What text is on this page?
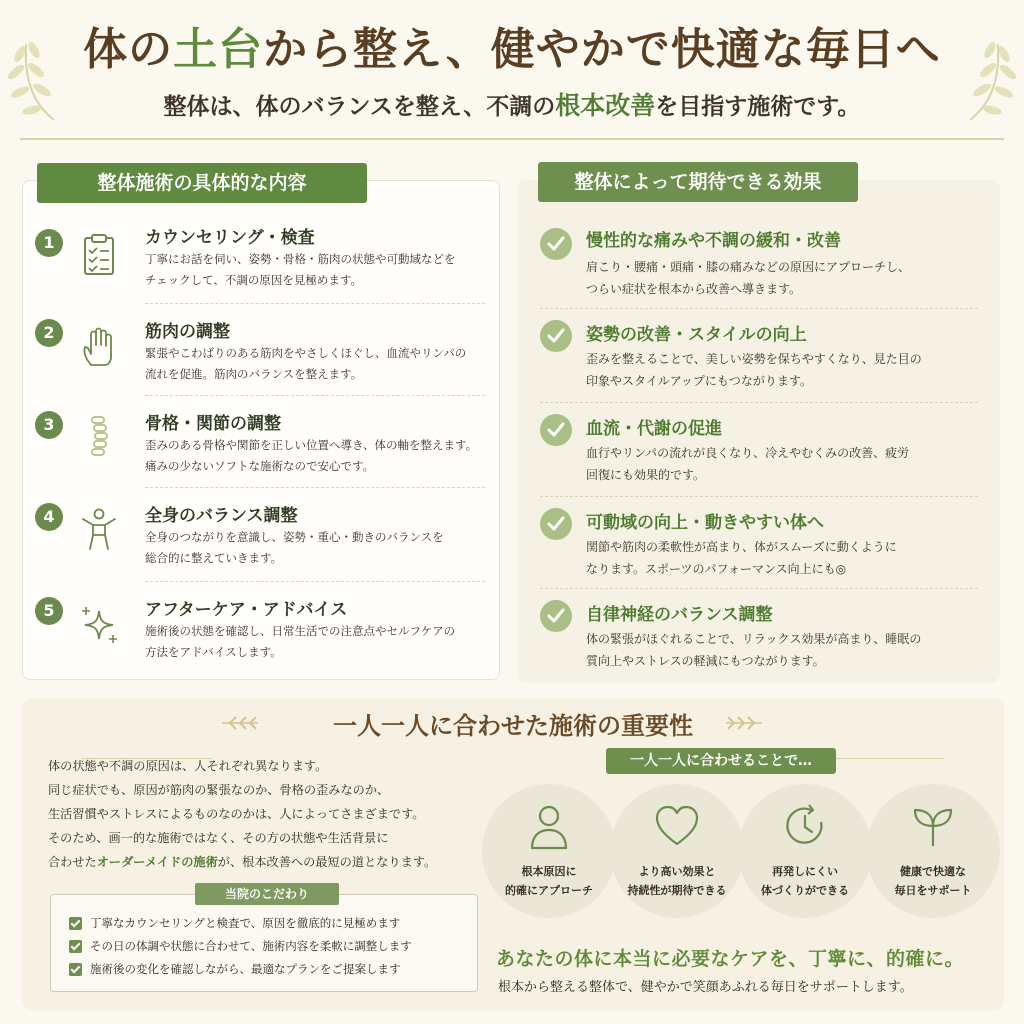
体の土台から整え、健やかで快適な毎日へ
整体は、体のバランスを整え、不調の根本改善を目指す施術です。
整体施術の具体的な内容
1	カウンセリング・検査
丁寧にお話を伺い、姿勢・骨格・筋肉の状態や可動域などを
チェックして、不調の原因を見極めます。
2	筋肉の調整
緊張やこわばりのある筋肉をやさしくほぐし、血流やリンパの
流れを促進。筋肉のバランスを整えます。
3	骨格・関節の調整
歪みのある骨格や関節を正しい位置へ導き、体の軸を整えます。
痛みの少ないソフトな施術なので安心です。
4	全身のバランス調整
全身のつながりを意識し、姿勢・重心・動きのバランスを
総合的に整えていきます。
5	アフターケア・アドバイス
施術後の状態を確認し、日常生活での注意点やセルフケアの
方法をアドバイスします。
整体によって期待できる効果
慢性的な痛みや不調の緩和・改善
肩こり・腰痛・頭痛・膝の痛みなどの原因にアプローチし、
つらい症状を根本から改善へ導きます。
姿勢の改善・スタイルの向上
歪みを整えることで、美しい姿勢を保ちやすくなり、見た目の
印象やスタイルアップにもつながります。
血流・代謝の促進
血行やリンパの流れが良くなり、冷えやむくみの改善、疲労
回復にも効果的です。
可動域の向上・動きやすい体へ
関節や筋肉の柔軟性が高まり、体がスムーズに動くように
なります。スポーツのパフォーマンス向上にも◎
自律神経のバランス調整
体の緊張がほぐれることで、リラックス効果が高まり、睡眠の
質向上やストレスの軽減にもつながります。
一人一人に合わせた施術の重要性
体の状態や不調の原因は、人それぞれ異なります。
同じ症状でも、原因が筋肉の緊張なのか、骨格の歪みなのか、
生活習慣やストレスによるものなのかは、人によってさまざまです。
そのため、画一的な施術ではなく、その方の状態や生活背景に
合わせたオーダーメイドの施術が、根本改善への最短の道となります。
当院のこだわり
丁寧なカウンセリングと検査で、原因を徹底的に見極めます
その日の体調や状態に合わせて、施術内容を柔軟に調整します
施術後の変化を確認しながら、最適なプランをご提案します
一人一人に合わせることで…
根本原因に
的確にアプローチ
より高い効果と
持続性が期待できる
再発しにくい
体づくりができる
健康で快適な
毎日をサポート
あなたの体に本当に必要なケアを、丁寧に、的確に。
根本から整える整体で、健やかで笑顔あふれる毎日をサポートします。
